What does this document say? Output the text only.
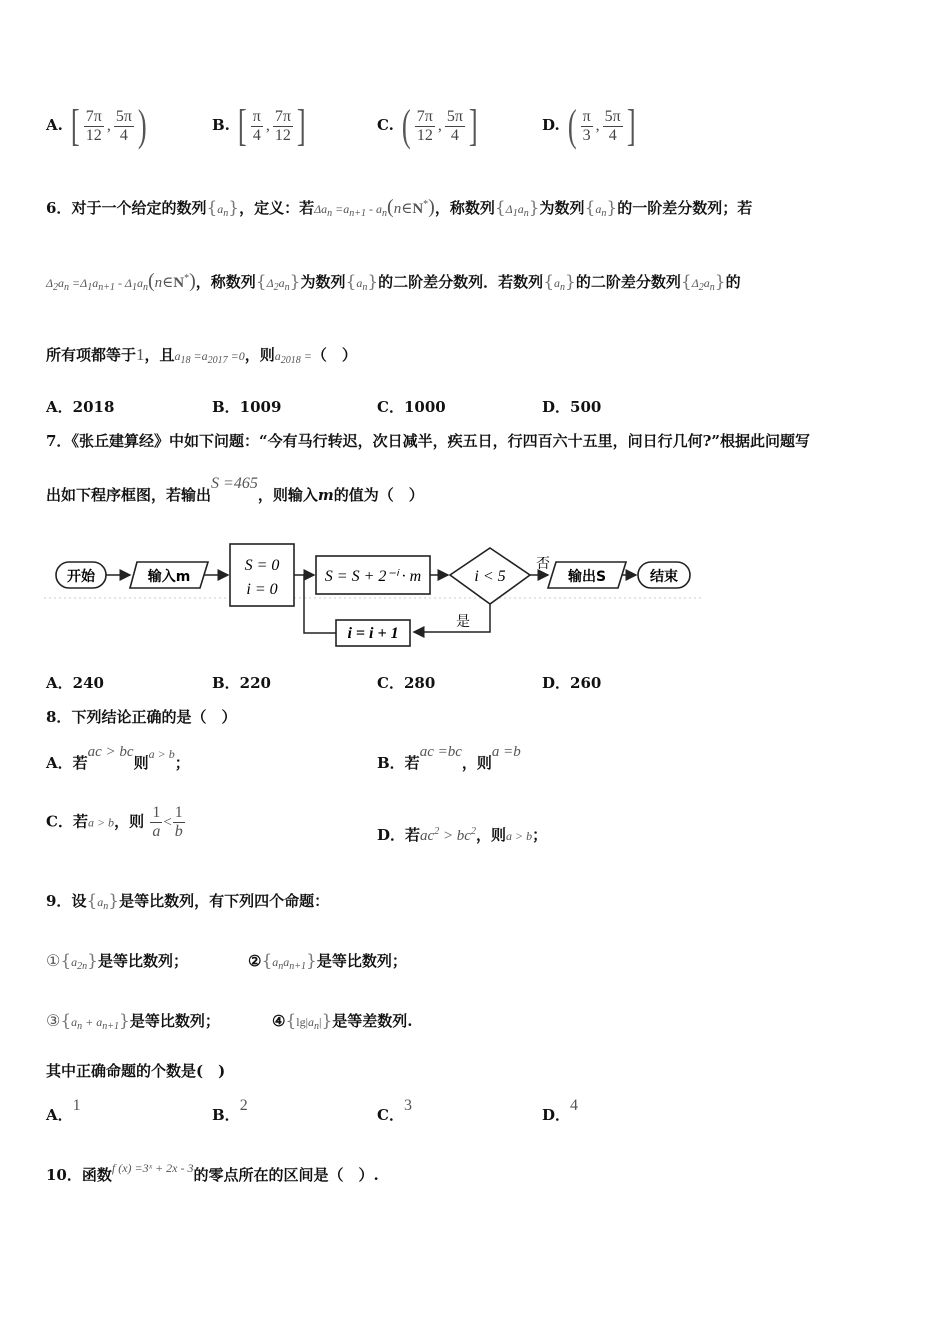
A. [ $\frac{7\pi}{12}$ , $\frac{5\pi}{4}$ )	B. [ $\frac{\pi}{4}$ , $\frac{7\pi}{12}$ ]	C. ( $\frac{7\pi}{12}$ , $\frac{5\pi}{4}$ ]	D. ( $\frac{\pi}{3}$ , $\frac{5\pi}{4}$ ]
6．对于一个给定的数列$\{a_n\}$，定义：若$\Delta a_n =a_{n+1}$ - $a_n(n\in N^*)$，称数列$\{\Delta_1a_n\}$为数列$\{a_n\}$的一阶差分数列；若
$\Delta_2a_n =\Delta_1a_{n+1}$ - $\Delta_1a_n(n\in N^*)$，称数列$\{\Delta_2a_n\}$为数列$\{a_n\}$的二阶差分数列．若数列$\{a_n\}$的二阶差分数列$\{\Delta_2a_n\}$的
所有项都等于1，且$a_{18} =a_{2017} =0$，则$a_{2018}$ =（　）
A．2018	B．1009	C．1000	D．500
7．《张丘建算经》中如下问题：“今有马行转迟，次日减半，疾五日，行四百六十五里，问日行几何?”根据此问题写
出如下程序框图，若输出S =465，则输入m的值为（　）
开始	输入m
S = 0
i = 0
S = S + 2⁻ⁱ · m	i < 5
否
输出S	结束
是
i = i + 1
A．240	B．220	C．280	D．260
8．下列结论正确的是（　）
A．若ac > bc则$^{a > b}$；	B．若ac =bc，则a =b
C．若a > b，则 $\frac{1}{a} < \frac{1}{b}$	D．若$ac^2 > bc^2$，则a > b；
9．设$\{a_n\}$是等比数列，有下列四个命题：
$①\{a_{2n}\}$是等比数列；	$②\{a_na_{n+1}\}$是等比数列；
$③\{a_n + a_{n+1}\}$是等比数列；	$④\{\lg|a_n|\}$是等差数列.
其中正确命题的个数是(　)
A．1
B．2
C．3
D．4
10．函数$^{f (x) =3ˣ + 2x - 3}$的零点所在的区间是（　）.
